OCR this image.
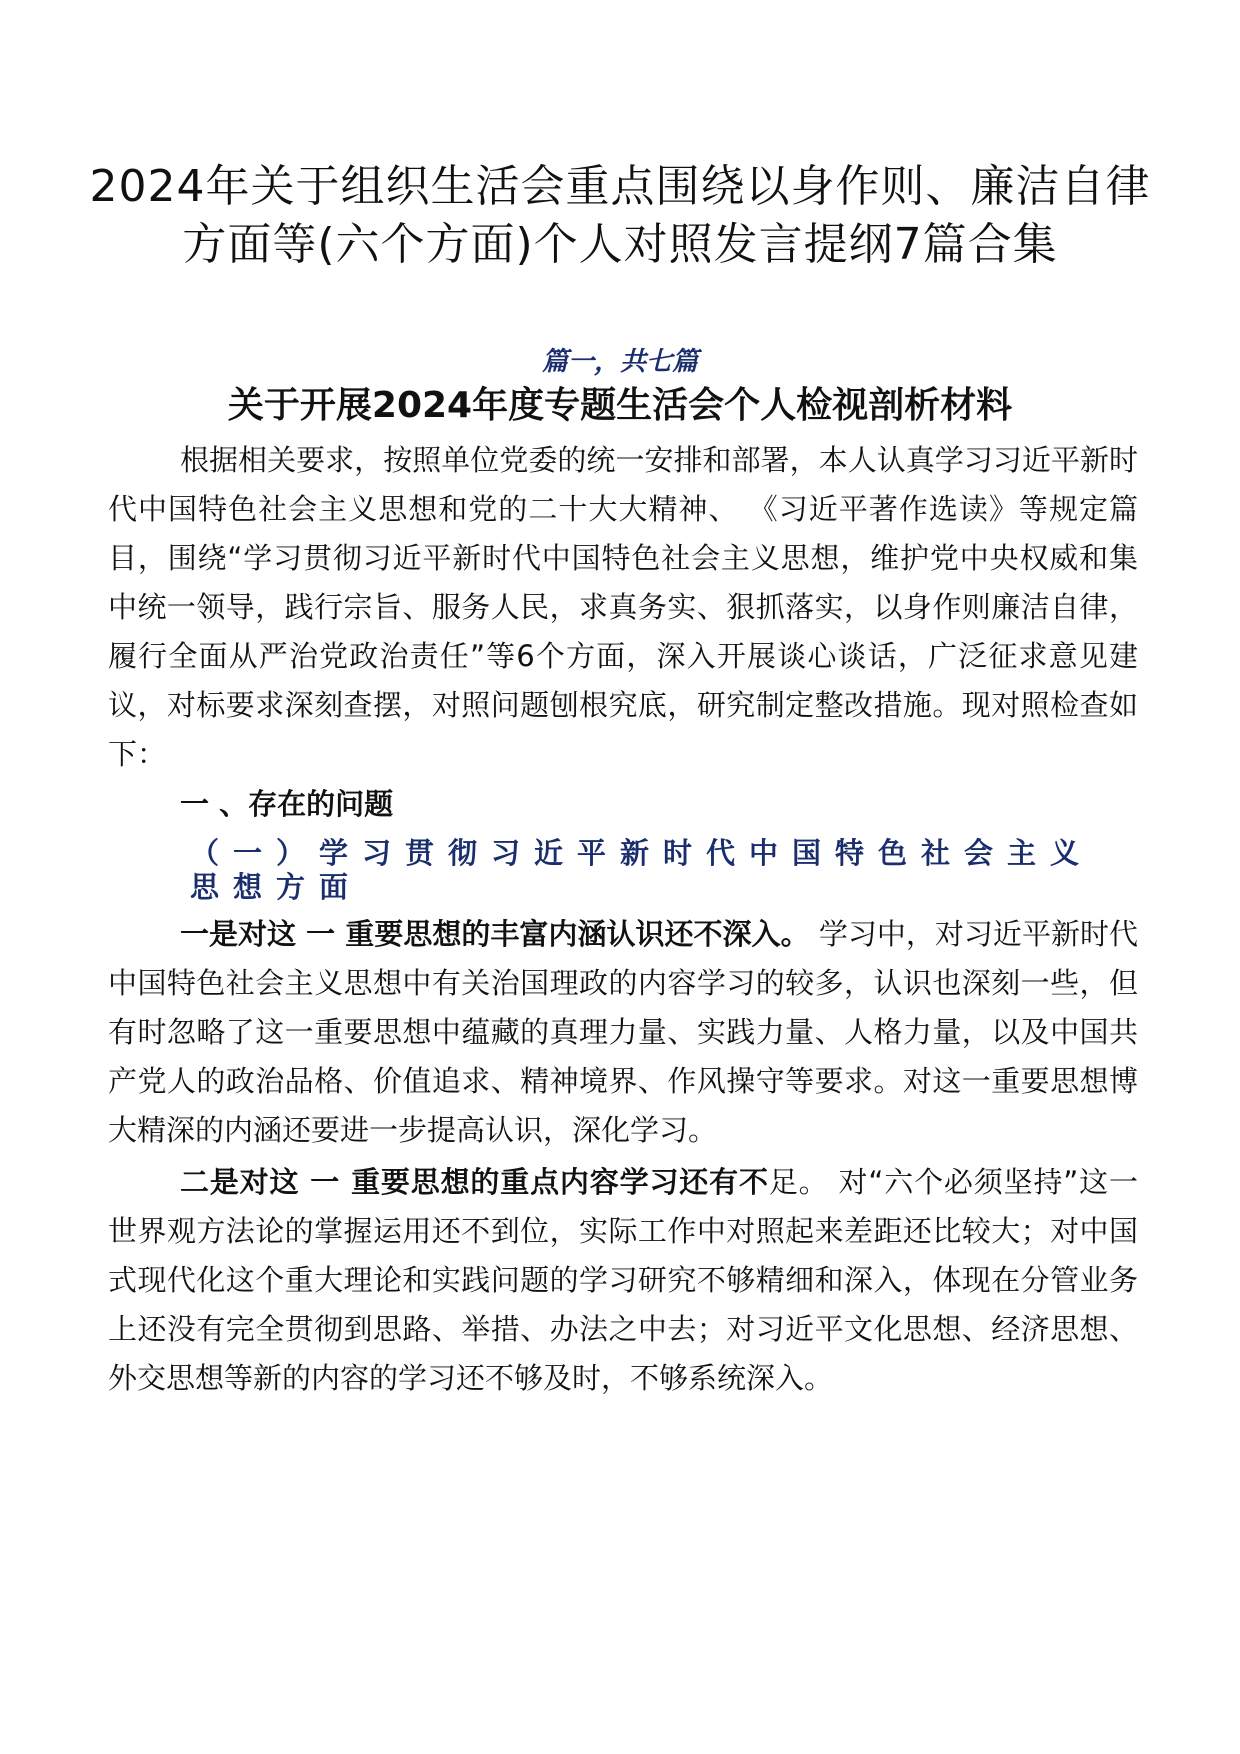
2024年关于组织生活会重点围绕以身作则、廉洁自律方面等(六个方面)个人对照发言提纲7篇合集

篇一，共七篇

关于开展2024年度专题生活会个人检视剖析材料

根据相关要求，按照单位党委的统一安排和部署，本人认真学习习近平新时代中国特色社会主义思想和党的二十大大精神、 《习近平著作选读》等规定篇目，围绕“学习贯彻习近平新时代中国特色社会主义思想，维护党中央权威和集中统一领导，践行宗旨、服务人民，求真务实、狠抓落实，以身作则廉洁自律，履行全面从严治党政治责任”等6个方面，深入开展谈心谈话，广泛征求意见建议，对标要求深刻查摆，对照问题刨根究底，研究制定整改措施。现对照检查如下：

一 、存在的问题

（一）学习贯彻习近平新时代中国特色社会主义思想方面

一是对这 一 重要思想的丰富内涵认识还不深入。 学习中，对习近平新时代中国特色社会主义思想中有关治国理政的内容学习的较多，认识也深刻一些，但有时忽略了这一重要思想中蕴藏的真理力量、实践力量、人格力量，以及中国共产党人的政治品格、价值追求、精神境界、作风操守等要求。对这一重要思想博大精深的内涵还要进一步提高认识，深化学习。

二是对这 一 重要思想的重点内容学习还有不足。 对“六个必须坚持”这一世界观方法论的掌握运用还不到位，实际工作中对照起来差距还比较大；对中国式现代化这个重大理论和实践问题的学习研究不够精细和深入，体现在分管业务上还没有完全贯彻到思路、举措、办法之中去；对习近平文化思想、经济思想、外交思想等新的内容的学习还不够及时，不够系统深入。
